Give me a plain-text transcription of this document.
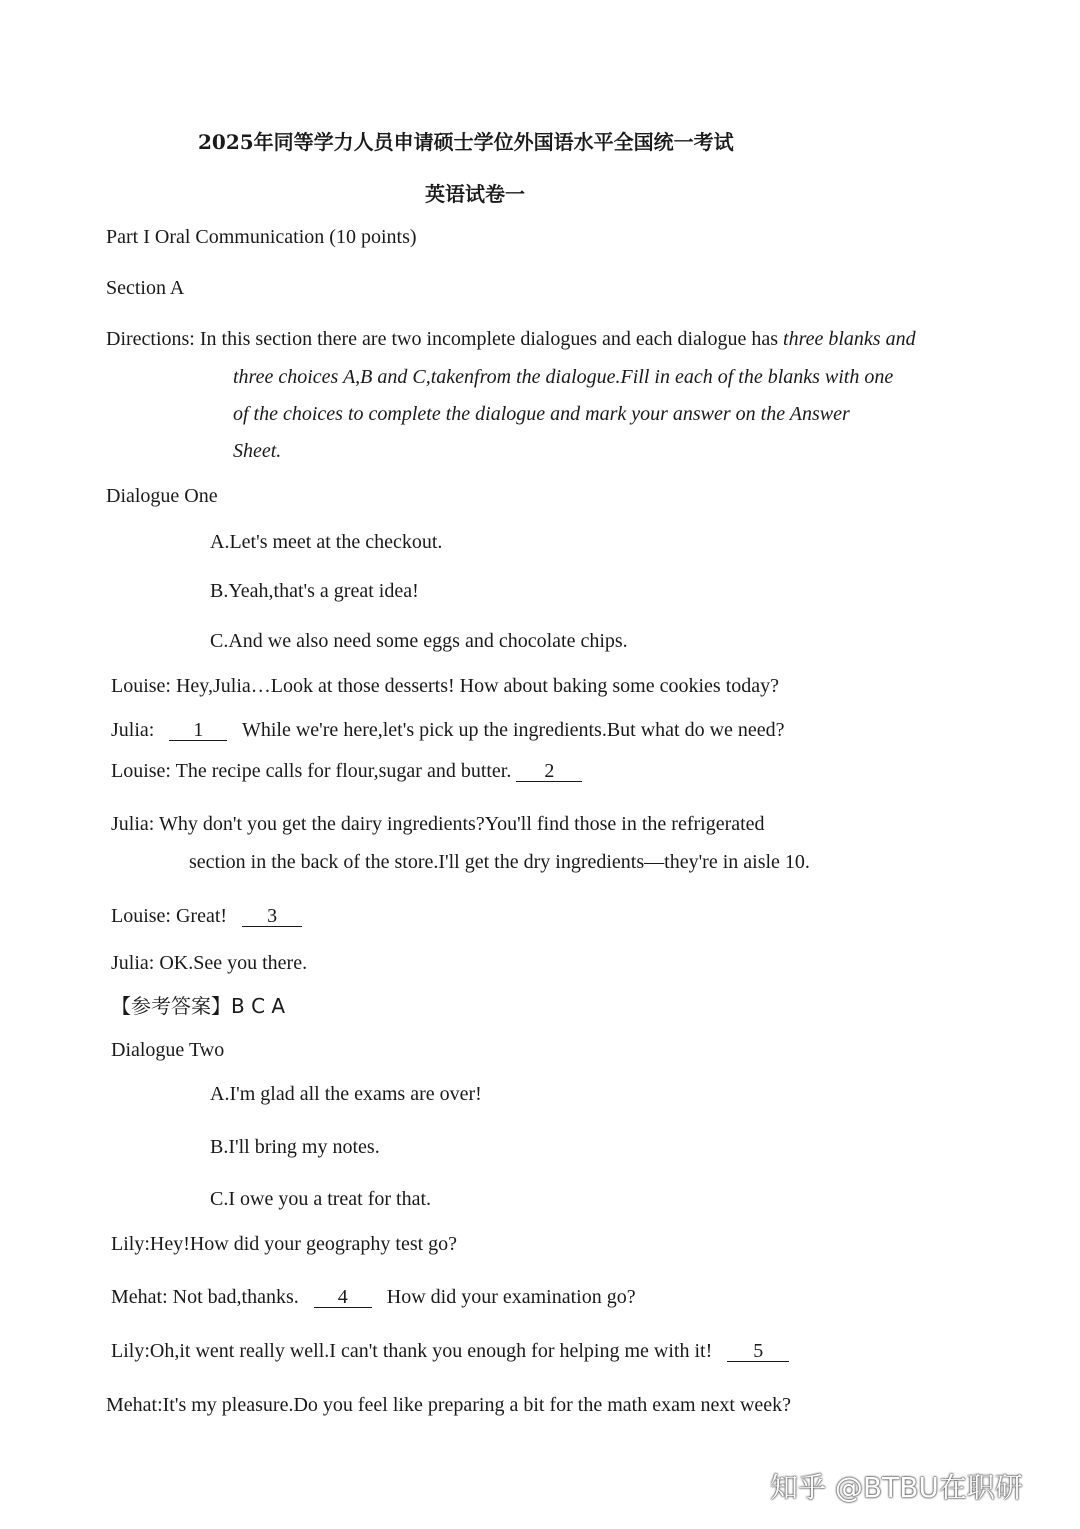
2025年同等学力人员申请硕士学位外国语水平全国统一考试
英语试卷一
Part I Oral Communication (10 points)
Section A
Directions: In this section there are two incomplete dialogues and each dialogue has three blanks and
three choices A,B and C,takenfrom the dialogue.Fill in each of the blanks with one
of the choices to complete the dialogue and mark your answer on the Answer
Sheet.
Dialogue One
A.Let's meet at the checkout.
B.Yeah,that's a great idea!
C.And we also need some eggs and chocolate chips.
Louise: Hey,Julia…Look at those desserts! How about baking some cookies today?
Julia: 1 While we're here,let's pick up the ingredients.But what do we need?
Louise: The recipe calls for flour,sugar and butter. 2
Julia: Why don't you get the dairy ingredients?You'll find those in the refrigerated
section in the back of the store.I'll get the dry ingredients—they're in aisle 10.
Louise: Great! 3
Julia: OK.See you there.
【参考答案】B C A
Dialogue Two
A.I'm glad all the exams are over!
B.I'll bring my notes.
C.I owe you a treat for that.
Lily:Hey!How did your geography test go?
Mehat: Not bad,thanks. 4 How did your examination go?
Lily:Oh,it went really well.I can't thank you enough for helping me with it! 5
Mehat:It's my pleasure.Do you feel like preparing a bit for the math exam next week?
知乎 @BTBU在职研
